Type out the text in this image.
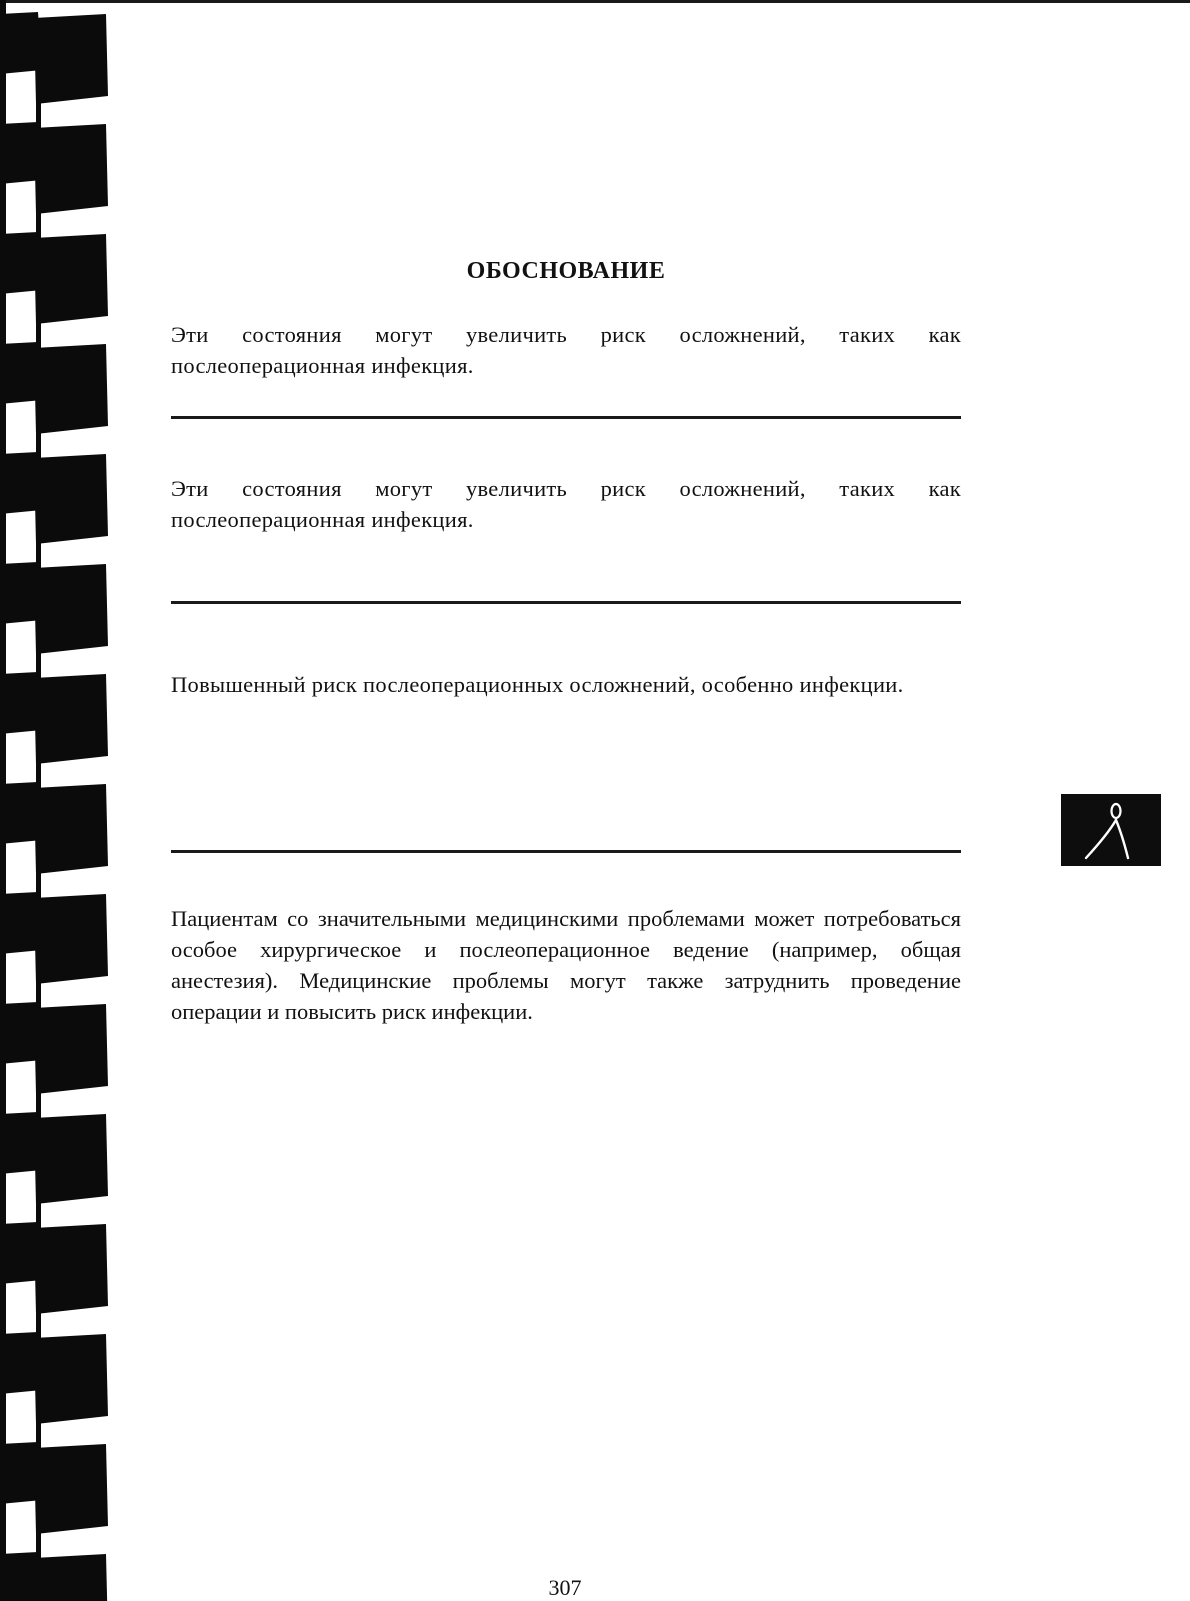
ОБОСНОВАНИЕ

Эти состояния могут увеличить риск осложнений, таких как послеоперационная инфекция.

Эти состояния могут увеличить риск осложнений, таких как послеоперационная инфекция.

Повышенный риск послеоперационных осложнений, особенно инфекции.

Пациентам со значительными медицинскими проблемами может потребоваться особое хирургическое и послеоперационное ведение (например, общая анестезия). Медицинские проблемы могут также затруднить проведение операции и повысить риск инфекции.

307
